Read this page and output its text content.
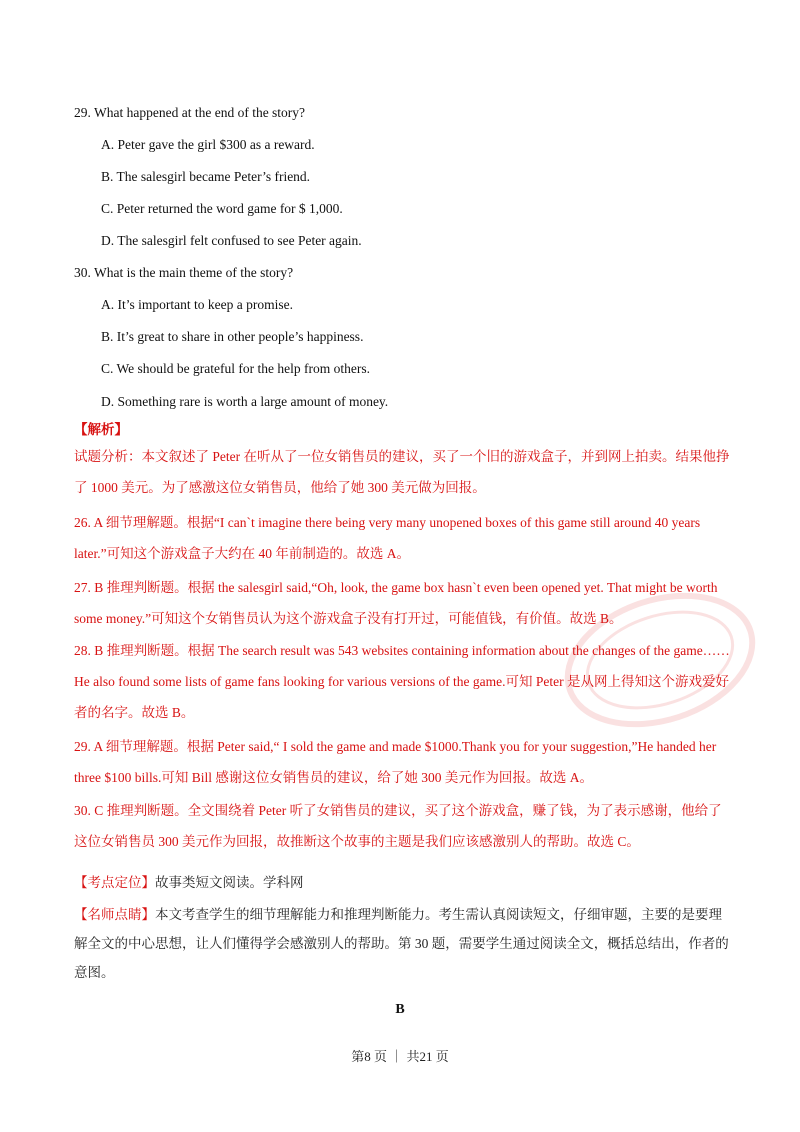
29. What happened at the end of the story?
A. Peter gave the girl $300 as a reward.
B. The salesgirl became Peter’s friend.
C. Peter returned the word game for $ 1,000.
D. The salesgirl felt confused to see Peter again.
30. What is the main theme of the story?
A. It’s important to keep a promise.
B. It’s great to share in other people’s happiness.
C. We should be grateful for the help from others.
D. Something rare is worth a large amount of money.
【解析】
试题分析：本文叙述了 Peter 在听从了一位女销售员的建议，买了一个旧的游戏盒子，并到网上拍卖。结果他挣了 1000 美元。为了感激这位女销售员，他给了她 300 美元做为回报。
26. A 细节理解题。根据“I can`t imagine there being very many unopened boxes of this game still around 40 years later.”可知这个游戏盒子大约在 40 年前制造的。故选 A。
27. B 推理判断题。根据 the salesgirl said,“Oh, look, the game box hasn`t even been opened yet. That might be worth some money.”可知这个女销售员认为这个游戏盒子没有打开过，可能值钱，有价值。故选 B。
28. B 推理判断题。根据 The search result was 543 websites containing information about the changes of the game……He also found some lists of game fans looking for various versions of the game.可知 Peter 是从网上得知这个游戏爱好者的名字。故选 B。
29. A 细节理解题。根据 Peter said,“ I sold the game and made $1000.Thank you for your suggestion,”He handed her three $100 bills.可知 Bill 感谢这位女销售员的建议，给了她 300 美元作为回报。故选 A。
30. C 推理判断题。全文围绕着 Peter 听了女销售员的建议，买了这个游戏盒，赚了钱，为了表示感谢，他给了这位女销售员 300 美元作为回报，故推断这个故事的主题是我们应该感激别人的帮助。故选 C。
【考点定位】故事类短文阅读。学科网
【名师点睛】本文考查学生的细节理解能力和推理判断能力。考生需认真阅读短文，仔细审题，主要的是要理解全文的中心思想，让人们懂得学会感激别人的帮助。第 30 题，需要学生通过阅读全文，概括总结出，作者的意图。
B
第8 页 ｜ 共21 页
